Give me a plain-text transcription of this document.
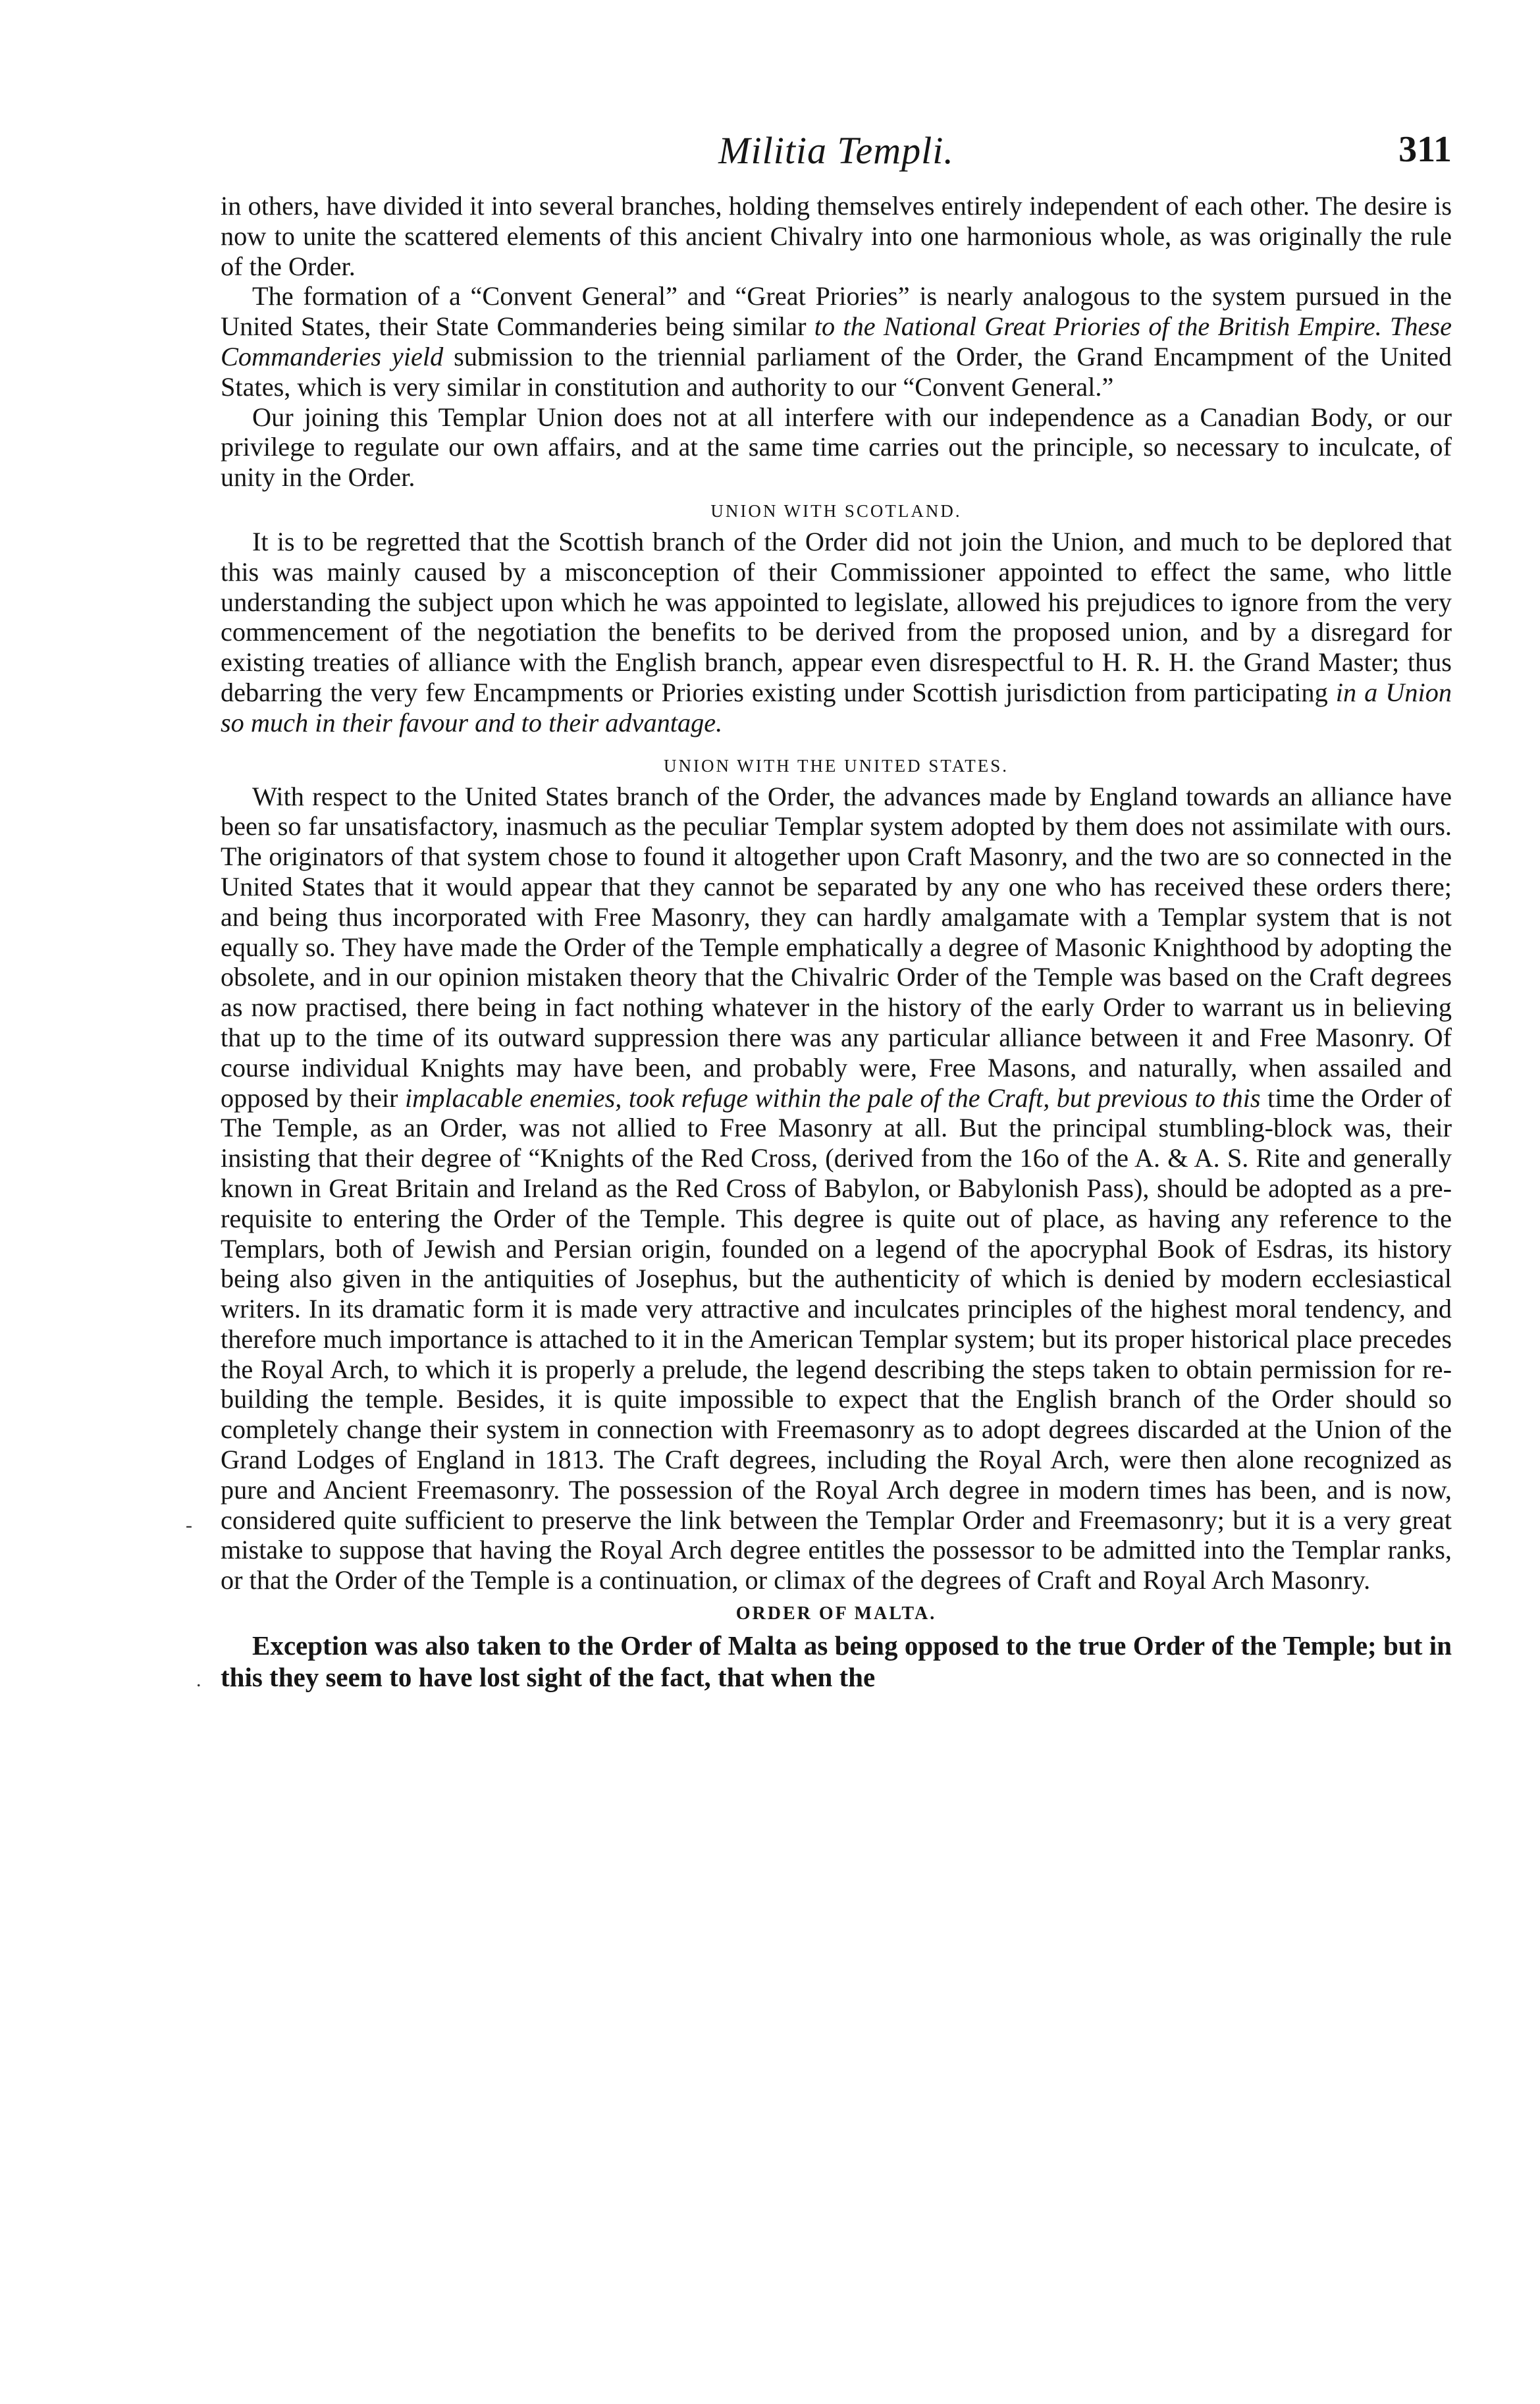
Militia Templi.	311

in others, have divided it into several branches, holding themselves entirely independent of each other. The desire is now to unite the scattered elements of this ancient Chivalry into one harmonious whole, as was originally the rule of the Order.

The formation of a “Convent General” and “Great Priories” is nearly analogous to the system pursued in the United States, their State Commanderies being similar to the National Great Priories of the British Empire. These Commanderies yield submission to the triennial parliament of the Order, the Grand Encampment of the United States, which is very similar in constitution and authority to our “Convent General.”

Our joining this Templar Union does not at all interfere with our independence as a Canadian Body, or our privilege to regulate our own affairs, and at the same time carries out the principle, so necessary to inculcate, of unity in the Order.

UNION WITH SCOTLAND.

It is to be regretted that the Scottish branch of the Order did not join the Union, and much to be deplored that this was mainly caused by a misconception of their Commissioner appointed to effect the same, who little understanding the subject upon which he was appointed to legislate, allowed his prejudices to ignore from the very commencement of the negotiation the benefits to be derived from the proposed union, and by a disregard for existing treaties of alliance with the English branch, appear even disrespectful to H. R. H. the Grand Master; thus debarring the very few Encampments or Priories existing under Scottish jurisdiction from participating in a Union so much in their favour and to their advantage.

UNION WITH THE UNITED STATES.

With respect to the United States branch of the Order, the advances made by England towards an alliance have been so far unsatisfactory, inasmuch as the peculiar Templar system adopted by them does not assimilate with ours. The originators of that system chose to found it altogether upon Craft Masonry, and the two are so connected in the United States that it would appear that they cannot be separated by any one who has received these orders there; and being thus incorporated with Free Masonry, they can hardly amalgamate with a Templar system that is not equally so. They have made the Order of the Temple emphatically a degree of Masonic Knighthood by adopting the obsolete, and in our opinion mistaken theory that the Chivalric Order of the Temple was based on the Craft degrees as now practised, there being in fact nothing whatever in the history of the early Order to warrant us in believing that up to the time of its outward suppression there was any particular alliance between it and Free Masonry. Of course individual Knights may have been, and probably were, Free Masons, and naturally, when assailed and opposed by their implacable enemies, took refuge within the pale of the Craft, but previous to this time the Order of The Temple, as an Order, was not allied to Free Masonry at all. But the principal stumbling-block was, their insisting that their degree of “Knights of the Red Cross, (derived from the 16o of the A. & A. S. Rite and generally known in Great Britain and Ireland as the Red Cross of Babylon, or Babylonish Pass), should be adopted as a pre-requisite to entering the Order of the Temple. This degree is quite out of place, as having any reference to the Templars, both of Jewish and Persian origin, founded on a legend of the apocryphal Book of Esdras, its history being also given in the antiquities of Josephus, but the authenticity of which is denied by modern ecclesiastical writers. In its dramatic form it is made very attractive and inculcates principles of the highest moral tendency, and therefore much importance is attached to it in the American Templar system; but its proper historical place precedes the Royal Arch, to which it is properly a prelude, the legend describing the steps taken to obtain permission for re-building the temple. Besides, it is quite impossible to expect that the English branch of the Order should so completely change their system in connection with Freemasonry as to adopt degrees discarded at the Union of the Grand Lodges of England in 1813. The Craft degrees, including the Royal Arch, were then alone recognized as pure and Ancient Freemasonry. The possession of the Royal Arch degree in modern times has been, and is now, considered quite sufficient to preserve the link between the Templar Order and Freemasonry; but it is a very great mistake to suppose that having the Royal Arch degree entitles the possessor to be admitted into the Templar ranks, or that the Order of the Temple is a continuation, or climax of the degrees of Craft and Royal Arch Masonry.

ORDER OF MALTA.

Exception was also taken to the Order of Malta as being opposed to the true Order of the Temple; but in this they seem to have lost sight of the fact, that when the

-
.
